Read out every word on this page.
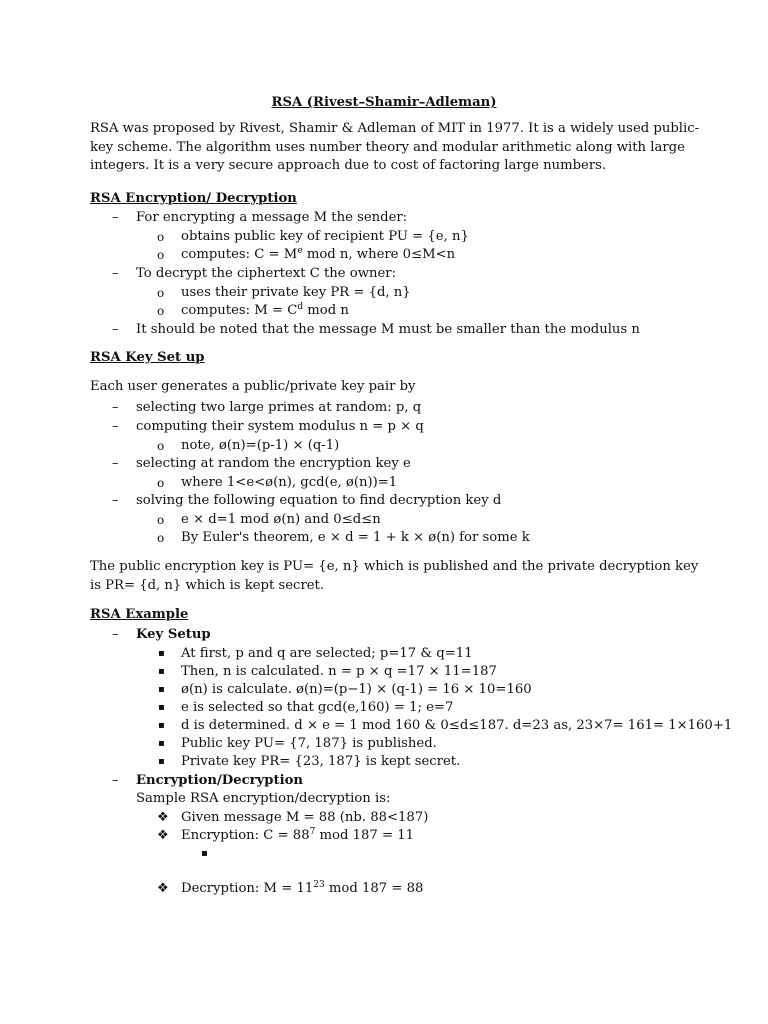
RSA (Rivest–Shamir–Adleman)
RSA was proposed by Rivest, Shamir & Adleman of MIT in 1977. It is a widely used public-key scheme. The algorithm uses number theory and modular arithmetic along with large integers. It is a very secure approach due to cost of factoring large numbers.
RSA Encryption/ Decryption
– For encrypting a message M the sender:
o obtains public key of recipient PU = {e, n}
o computes: $C = M^e$ mod n, where 0≤M<n
– To decrypt the ciphertext C the owner:
o uses their private key PR = {d, n}
o computes: $M = C^d$ mod n
– It should be noted that the message M must be smaller than the modulus n
RSA Key Set up
Each user generates a public/private key pair by
– selecting two large primes at random: p, q
– computing their system modulus n = p × q
o note, ø(n)=(p-1) × (q-1)
– selecting at random the encryption key e
o where 1<e<ø(n), gcd(e, ø(n))=1
– solving the following equation to find decryption key d
o e × d=1 mod ø(n) and 0≤d≤n
o By Euler's theorem, e × d = 1 + k × ø(n) for some k
The public encryption key is PU= {e, n} which is published and the private decryption key is PR= {d, n} which is kept secret.
RSA Example
– Key Setup
▪ At first, p and q are selected; p=17 & q=11
▪ Then, n is calculated. n = p × q =17 × 11=187
▪ ø(n) is calculate. ø(n)=(p−1) × (q-1) = 16 × 10=160
▪ e is selected so that gcd(e,160) = 1; e=7
▪ d is determined. d × e = 1 mod 160 & 0≤d≤187. d=23 as, 23×7= 161= 1×160+1
▪ Public key PU= {7, 187} is published.
▪ Private key PR= {23, 187} is kept secret.
– Encryption/Decryption
Sample RSA encryption/decryption is:
❖ Given message M = 88 (nb. 88<187)
❖ Encryption: $C = 88^7$ mod 187 = 11
▪
❖ Decryption: $M = 11^{23}$ mod 187 = 88
